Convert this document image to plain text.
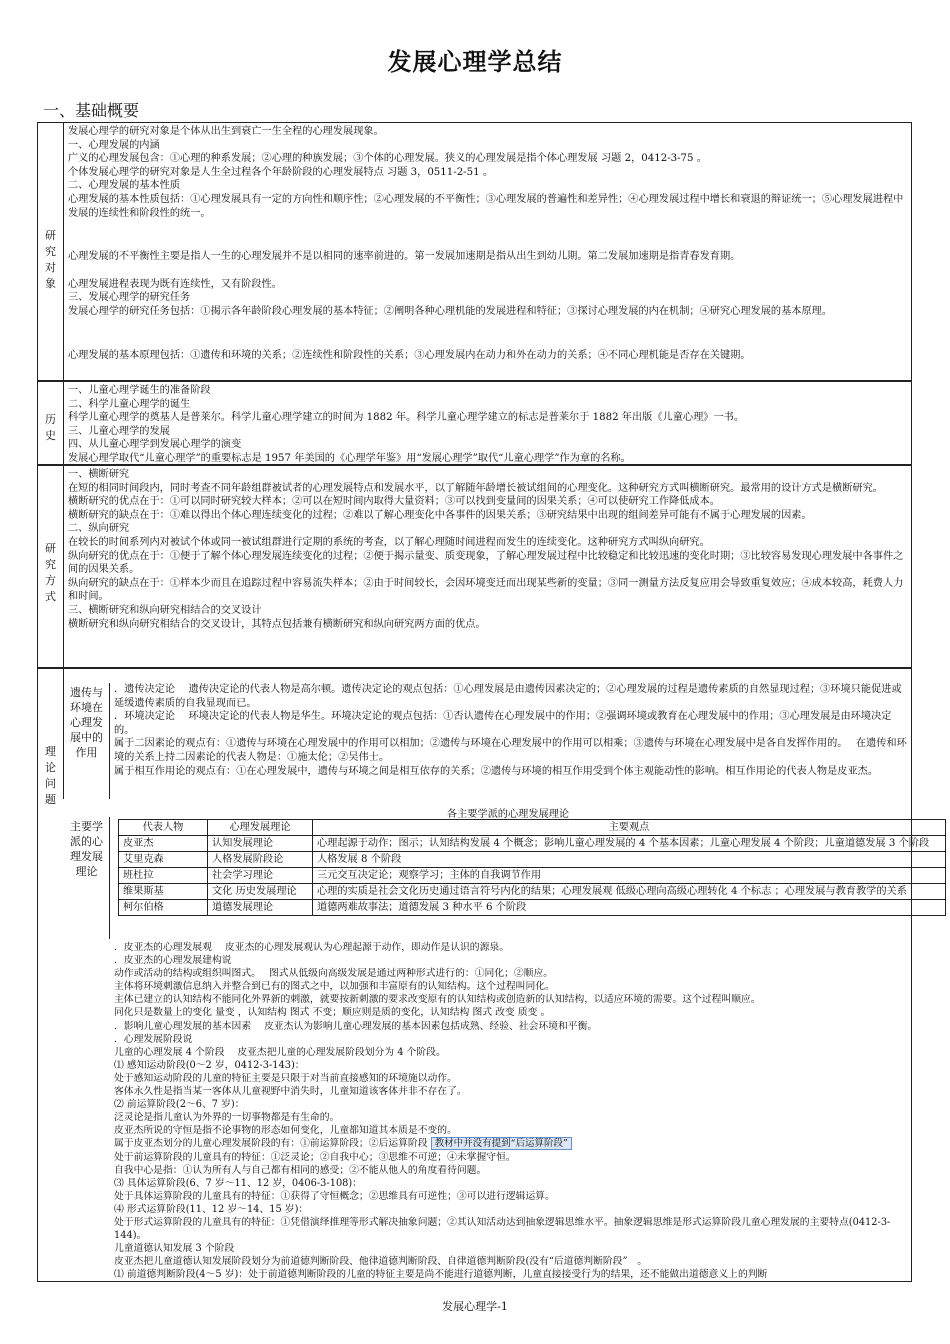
发展心理学总结
一、基础概要
研究对象

发展心理学的研究对象是个体从出生到衰亡一生全程的心理发展现象。

一、心理发展的内涵

广义的心理发展包含：①心理的种系发展；②心理的种族发展；③个体的心理发展。狭义的心理发展是指个体心理发展 习题 2，0412-3-75 。

个体发展心理学的研究对象是人生全过程各个年龄阶段的心理发展特点 习题 3，0511-2-51 。

二、心理发展的基本性质

心理发展的基本性质包括：①心理发展具有一定的方向性和顺序性；②心理发展的不平衡性；③心理发展的普遍性和差异性；④心理发展过程中增长和衰退的辩证统一；⑤心理发展进程中发展的连续性和阶段性的统一。

心理发展的不平衡性主要是指人一生的心理发展并不是以相同的速率前进的。第一发展加速期是指从出生到幼儿期。第二发展加速期是指青春发育期。

心理发展进程表现为既有连续性，又有阶段性。

三、发展心理学的研究任务

发展心理学的研究任务包括：①揭示各年龄阶段心理发展的基本特征；②阐明各种心理机能的发展进程和特征；③探讨心理发展的内在机制；④研究心理发展的基本原理。

心理发展的基本原理包括：①遗传和环境的关系；②连续性和阶段性的关系；③心理发展内在动力和外在动力的关系；④不同心理机能是否存在关键期。

历史

一、儿童心理学诞生的准备阶段

二、科学儿童心理学的诞生

科学儿童心理学的奠基人是普莱尔。科学儿童心理学建立的时间为 1882 年。科学儿童心理学建立的标志是普莱尔于 1882 年出版《儿童心理》一书。

三、儿童心理学的发展

四、从儿童心理学到发展心理学的演变

发展心理学取代“儿童心理学”的重要标志是 1957 年美国的《心理学年鉴》用“发展心理学”取代“儿童心理学”作为章的名称。

研究方式

一、横断研究

在短的相同时间段内，同时考查不同年龄组群被试者的心理发展特点和发展水平，以了解随年龄增长被试组间的心理变化。这种研究方式叫横断研究。最常用的设计方式是横断研究。

横断研究的优点在于：①可以同时研究较大样本；②可以在短时间内取得大量资料；③可以找到变量间的因果关系；④可以使研究工作降低成本。

横断研究的缺点在于：①难以得出个体心理连续变化的过程；②难以了解心理变化中各事件的因果关系；③研究结果中出现的组间差异可能有不属于心理发展的因素。

二、纵向研究

在较长的时间系列内对被试个体或同一被试组群进行定期的系统的考查，以了解心理随时间进程而发生的连续变化。这种研究方式叫纵向研究。

纵向研究的优点在于：①便于了解个体心理发展连续变化的过程；②便于揭示量变、质变现象，了解心理发展过程中比较稳定和比较迅速的变化时期；③比较容易发现心理发展中各事件之间的因果关系。

纵向研究的缺点在于：①样本少而且在追踪过程中容易流失样本；②由于时间较长，会因环境变迁而出现某些新的变量；③同一测量方法反复应用会导致重复效应；④成本较高，耗费人力和时间。

三、横断研究和纵向研究相结合的交叉设计

横断研究和纵向研究相结合的交叉设计，其特点包括兼有横断研究和纵向研究两方面的优点。

理论问题
遗传与环境在心理发展中的作用

．遗传决定论　 遗传决定论的代表人物是高尔顿。遗传决定论的观点包括：①心理发展是由遗传因素决定的；②心理发展的过程是遗传素质的自然显现过程；③环境只能促进或延缓遗传素质的自我显现而已。

．环境决定论　 环境决定论的代表人物是华生。环境决定论的观点包括：①否认遗传在心理发展中的作用；②强调环境或教育在心理发展中的作用；③心理发展是由环境决定的。

属于二因素论的观点有：①遗传与环境在心理发展中的作用可以相加；②遗传与环境在心理发展中的作用可以相乘；③遗传与环境在心理发展中是各自发挥作用的。　 在遗传和环境的关系上持二因素论的代表人物是：①施太伦；②吴伟士。

属于相互作用论的观点有：①在心理发展中，遗传与环境之间是相互依存的关系；②遗传与环境的相互作用受到个体主观能动性的影响。相互作用论的代表人物是皮亚杰。

主要学派的心理发展理论
各主要学派的心理发展理论
代表人物	心理发展理论	主要观点
皮亚杰	认知发展理论	心理起源于动作；图示；认知结构发展 4 个概念；影响儿童心理发展的 4 个基本因素；儿童心理发展 4 个阶段；儿童道德发展 3 个阶段
艾里克森	人格发展阶段论	人格发展 8 个阶段
班杜拉	社会学习理论	三元交互决定论；观察学习；主体的自我调节作用
维果斯基	文化 历史发展理论	心理的实质是社会文化历史通过语言符号内化的结果；心理发展观 低级心理向高级心理转化 4 个标志 ；心理发展与教育教学的关系
柯尔伯格	道德发展理论	道德两难故事法；道德发展 3 种水平 6 个阶段

．皮亚杰的心理发展观　 皮亚杰的心理发展观认为心理起源于动作，即动作是认识的源泉。

．皮亚杰的心理发展建构说

动作或活动的结构或组织叫图式。　 图式从低级向高级发展是通过两种形式进行的：①同化；②顺应。

主体将环境刺激信息纳入并整合到已有的图式之中，以加强和丰富原有的认知结构。这个过程叫同化。

主体已建立的认知结构不能同化外界新的刺激，就要按新刺激的要求改变原有的认知结构或创造新的认知结构，以适应环境的需要。这个过程叫顺应。

同化只是数量上的变化 量变 ，认知结构 图式 不变；顺应则是质的变化，认知结构 图式 改变 质变 。

．影响儿童心理发展的基本因素　 皮亚杰认为影响儿童心理发展的基本因素包括成熟、经验、社会环境和平衡。

．心理发展阶段说

儿童的心理发展 4 个阶段　 皮亚杰把儿童的心理发展阶段划分为 4 个阶段。

⑴ 感知运动阶段(0～2 岁，0412-3-143)：

处于感知运动阶段的儿童的特征主要是只限于对当前直接感知的环境施以动作。

客体永久性是指当某一客体从儿童视野中消失时，儿童知道该客体并非不存在了。

⑵ 前运算阶段(2～6、7 岁)：

泛灵论是指儿童认为外界的一切事物都是有生命的。

皮亚杰所说的守恒是指不论事物的形态如何变化，儿童都知道其本质是不变的。

属于皮亚杰划分的儿童心理发展阶段的有：①前运算阶段；②后运算阶段 教材中并没有提到“后运算阶段”

处于前运算阶段的儿童具有的特征：①泛灵论；②自我中心；③思维不可逆；④未掌握守恒。

自我中心是指：①认为所有人与自己都有相同的感受；②不能从他人的角度看待问题。

⑶ 具体运算阶段(6、7 岁～11、12 岁，0406-3-108)：

处于具体运算阶段的儿童具有的特征：①获得了守恒概念；②思维具有可逆性；③可以进行逻辑运算。

⑷ 形式运算阶段(11、12 岁～14、15 岁)：

处于形式运算阶段的儿童具有的特征：①凭借演绎推理等形式解决抽象问题；②其认知活动达到抽象逻辑思维水平。抽象逻辑思维是形式运算阶段儿童心理发展的主要特点(0412-3-144)。

儿童道德认知发展 3 个阶段

皮亚杰把儿童道德认知发展阶段划分为前道德判断阶段、他律道德判断阶段、自律道德判断阶段(没有“后道德判断阶段”　。

⑴ 前道德判断阶段(4～5 岁)：处于前道德判断阶段的儿童的特征主要是尚不能进行道德判断，儿童直接接受行为的结果，还不能做出道德意义上的判断

发展心理学-1
